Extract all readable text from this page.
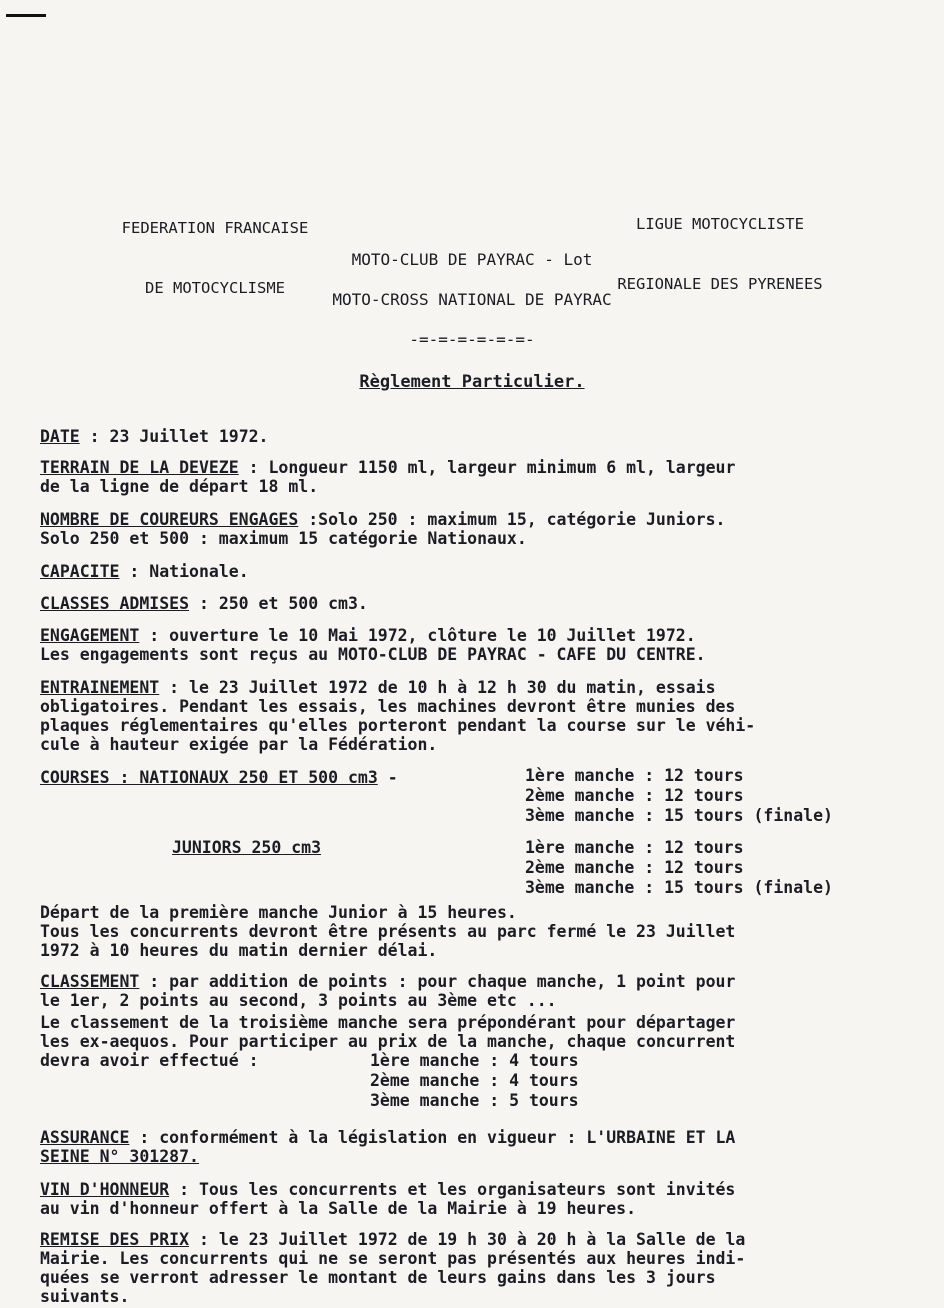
FEDERATION FRANCAISE

DE MOTOCYCLISME

LIGUE MOTOCYCLISTE

REGIONALE DES PYRENEES

MOTO-CLUB DE PAYRAC - Lot
MOTO-CROSS NATIONAL DE PAYRAC
-=-=-=-=-=-=-
Règlement Particulier.
DATE : 23 Juillet 1972.
TERRAIN DE LA DEVEZE : Longueur 1150 ml, largeur minimum 6 ml, largeur
de la ligne de départ 18 ml.
NOMBRE DE COUREURS ENGAGES :Solo 250 : maximum 15, catégorie Juniors.
Solo 250 et 500 : maximum 15 catégorie Nationaux.
CAPACITE : Nationale.
CLASSES ADMISES : 250 et 500 cm3.
ENGAGEMENT : ouverture le 10 Mai 1972, clôture le 10 Juillet 1972.
Les engagements sont reçus au MOTO-CLUB DE PAYRAC - CAFE DU CENTRE.
ENTRAINEMENT : le 23 Juillet 1972 de 10 h à 12 h 30 du matin, essais
obligatoires. Pendant les essais, les machines devront être munies des
plaques réglementaires qu'elles porteront pendant la course sur le véhi-
cule à hauteur exigée par la Fédération.
COURSES : NATIONAUX 250 ET 500 cm3 -	1ère manche : 12 tours
2ème manche : 12 tours
3ème manche : 15 tours (finale)
JUNIORS 250 cm3	1ère manche : 12 tours
2ème manche : 12 tours
3ème manche : 15 tours (finale)
Départ de la première manche Junior à 15 heures.
Tous les concurrents devront être présents au parc fermé le 23 Juillet
1972 à 10 heures du matin dernier délai.
CLASSEMENT : par addition de points : pour chaque manche, 1 point pour
le 1er, 2 points au second, 3 points au 3ème etc ...
Le classement de la troisième manche sera prépondérant pour départager
les ex-aequos. Pour participer au prix de la manche, chaque concurrent
devra avoir effectué :	1ère manche : 4 tours
2ème manche : 4 tours
3ème manche : 5 tours
ASSURANCE : conformément à la législation en vigueur : L'URBAINE ET LA
SEINE N° 301287.
VIN D'HONNEUR : Tous les concurrents et les organisateurs sont invités
au vin d'honneur offert à la Salle de la Mairie à 19 heures.
REMISE DES PRIX : le 23 Juillet 1972 de 19 h 30 à 20 h à la Salle de la
Mairie. Les concurrents qui ne se seront pas présentés aux heures indi-
quées se verront adresser le montant de leurs gains dans les 3 jours
suivants.
